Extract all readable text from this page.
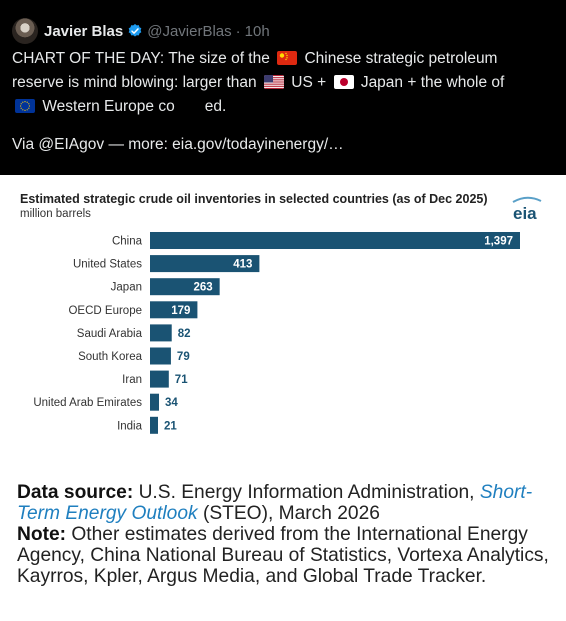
Javier Blas @JavierBlas · 10h
CHART OF THE DAY: The size of the Chinese strategic petroleum
reserve is mind blowing: larger than US + Japan + the whole of
Western Europe co ed.
Via @EIAgov — more: eia.gov/todayinenergy/…
Estimated strategic crude oil inventories in selected countries (as of Dec 2025)
million barrels	eia
China	1,397
United States	413
Japan	263
OECD Europe	179
Saudi Arabia	82
South Korea	79
Iran	71
United Arab Emirates 34
India 21
Data source: U.S. Energy Information Administration, Short-Term Energy Outlook (STEO), March 2026
Note: Other estimates derived from the International Energy Agency, China National Bureau of Statistics, Vortexa Analytics, Kayrros, Kpler, Argus Media, and Global Trade Tracker.
